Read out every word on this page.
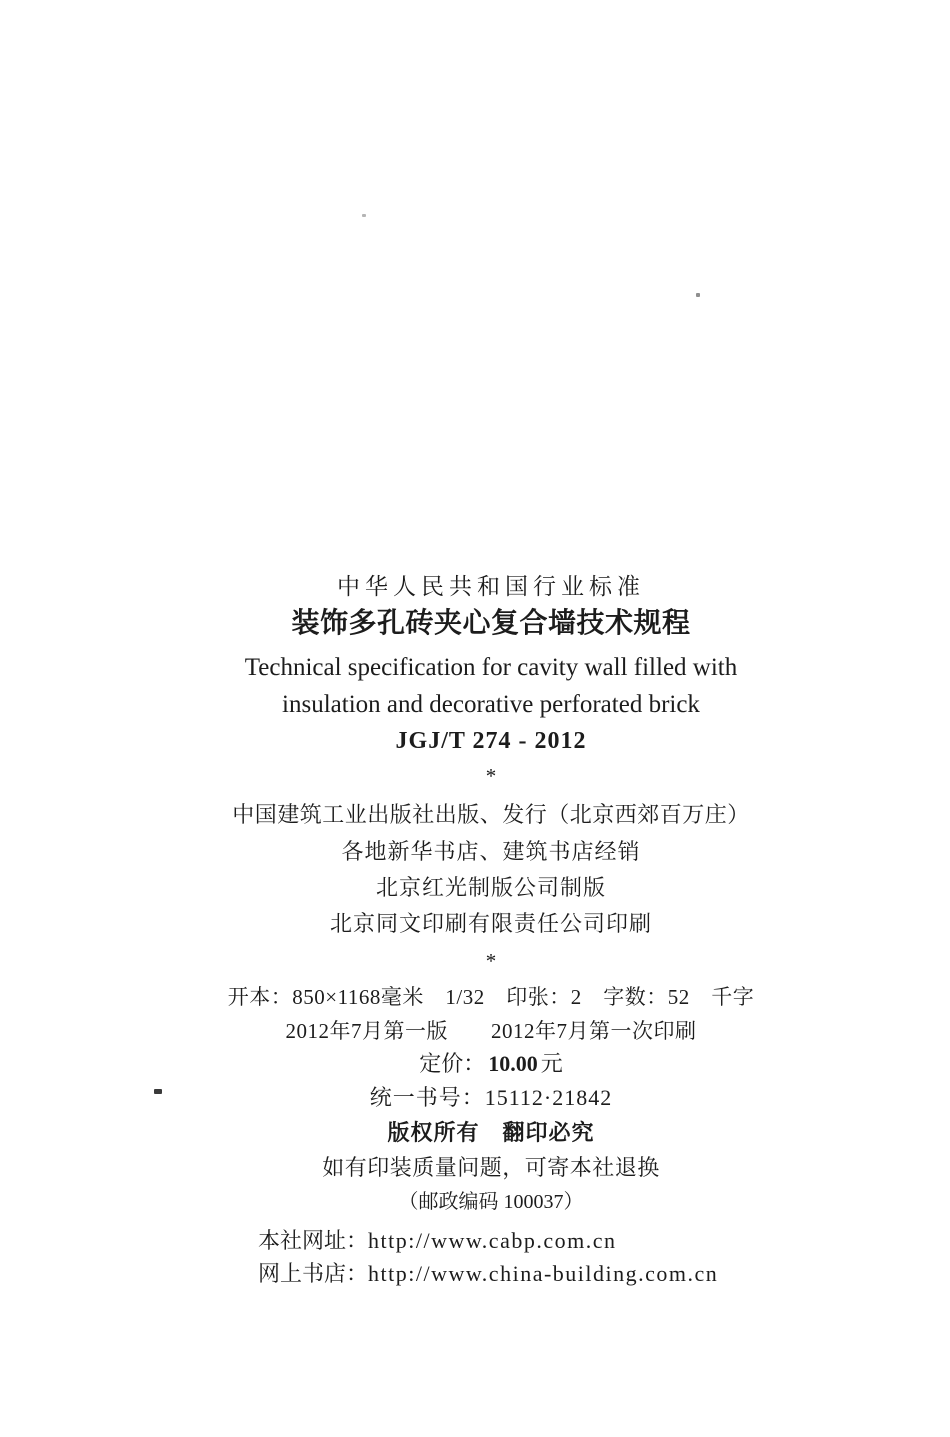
中华人民共和国行业标准
装饰多孔砖夹心复合墙技术规程
Technical specification for cavity wall filled with
insulation and decorative perforated brick
JGJ/T 274 - 2012
*
中国建筑工业出版社出版、发行（北京西郊百万庄）
各地新华书店、建筑书店经销
北京红光制版公司制版
北京同文印刷有限责任公司印刷
*
开本：850×1168毫米　1/32　印张：2　字数：52　千字
2012年7月第一版　　2012年7月第一次印刷
定价： 10.00 元
统一书号：15112·21842
版权所有　翻印必究
如有印装质量问题，可寄本社退换
（邮政编码 100037）
本社网址：http://www.cabp.com.cn
网上书店：http://www.china-building.com.cn
